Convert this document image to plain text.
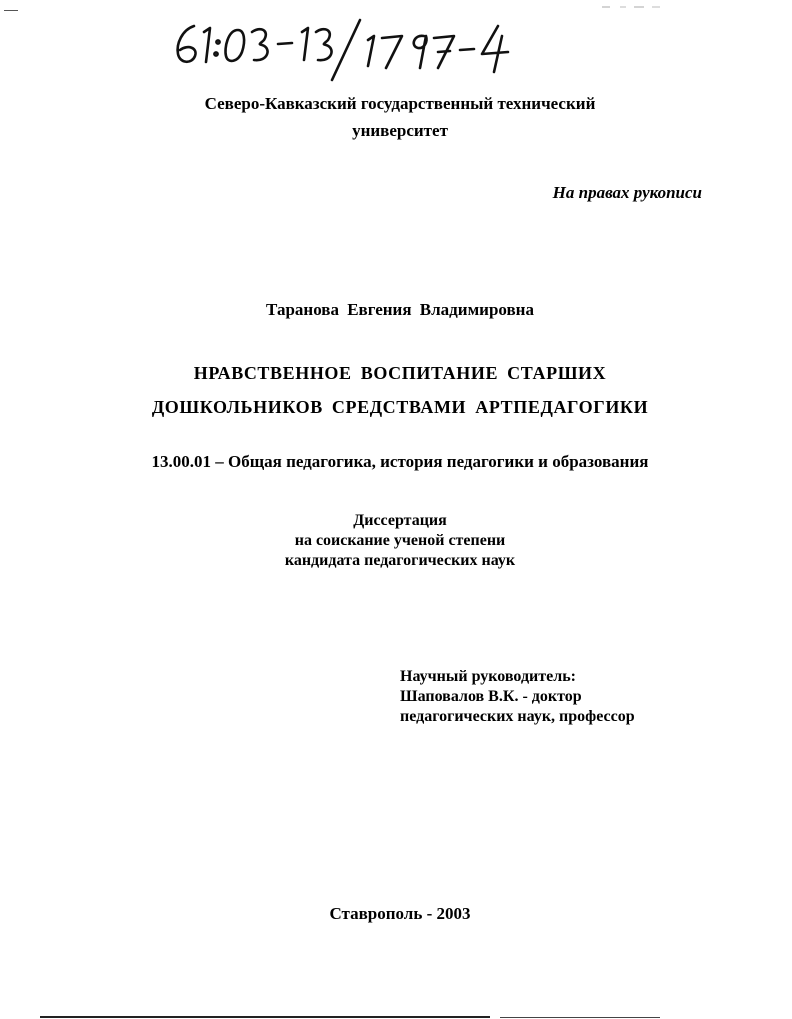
Северо-Кавказский государственный технический
университет
На правах рукописи
Таранова Евгения Владимировна
НРАВСТВЕННОЕ ВОСПИТАНИЕ СТАРШИХ
ДОШКОЛЬНИКОВ СРЕДСТВАМИ АРТПЕДАГОГИКИ
13.00.01 – Общая педагогика, история педагогики и образования
Диссертация
на соискание ученой степени
кандидата педагогических наук
Научный руководитель:
Шаповалов В.К. - доктор
педагогических наук, профессор
Ставрополь - 2003
